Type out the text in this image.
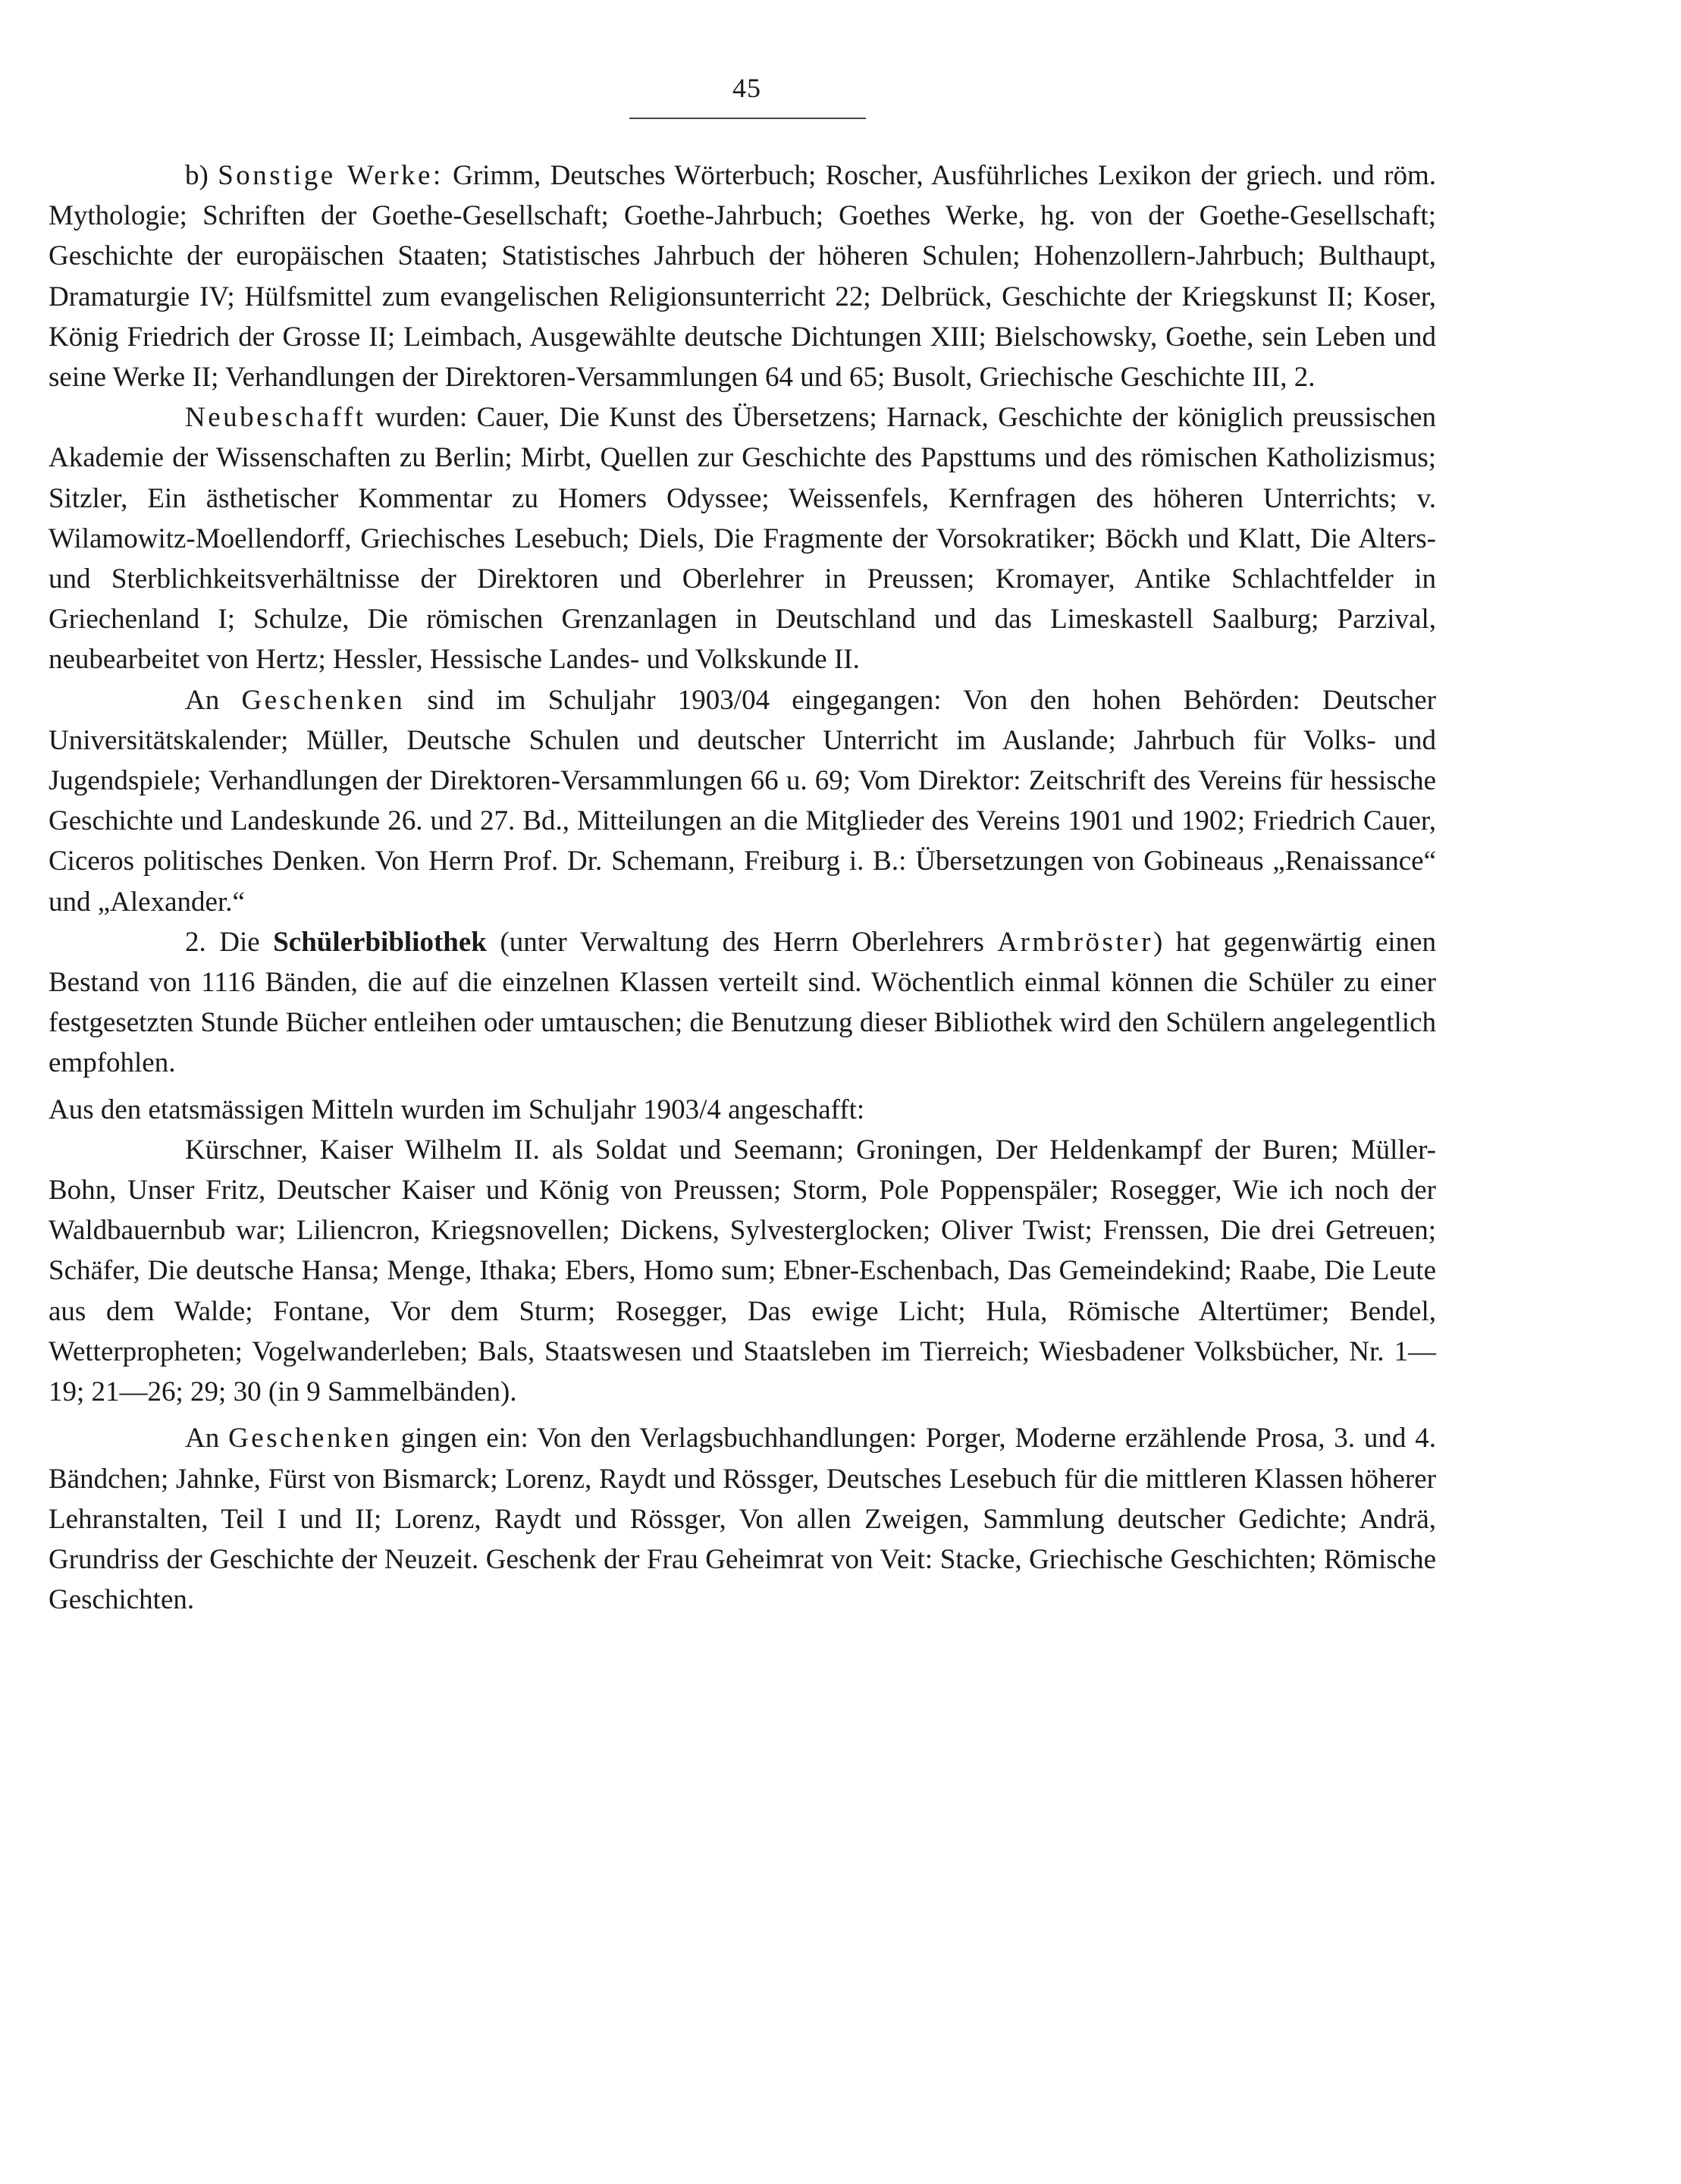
45

b) Sonstige Werke: Grimm, Deutsches Wörterbuch; Roscher, Ausführliches Lexikon der griech. und röm. Mythologie; Schriften der Goethe-Gesellschaft; Goethe-Jahrbuch; Goethes Werke, hg. von der Goethe-Gesellschaft; Geschichte der europäischen Staaten; Statistisches Jahrbuch der höheren Schulen; Hohenzollern-Jahrbuch; Bulthaupt, Dramaturgie IV; Hülfsmittel zum evangelischen Religionsunterricht 22; Delbrück, Geschichte der Kriegskunst II; Koser, König Friedrich der Grosse II; Leimbach, Ausgewählte deutsche Dichtungen XIII; Bielschowsky, Goethe, sein Leben und seine Werke II; Verhandlungen der Direktoren-Versammlungen 64 und 65; Busolt, Griechische Geschichte III, 2.

Neubeschafft wurden: Cauer, Die Kunst des Übersetzens; Harnack, Geschichte der königlich preussischen Akademie der Wissenschaften zu Berlin; Mirbt, Quellen zur Geschichte des Papsttums und des römischen Katholizismus; Sitzler, Ein ästhetischer Kommentar zu Homers Odyssee; Weissenfels, Kernfragen des höheren Unterrichts; v. Wilamowitz-Moellendorff, Griechisches Lesebuch; Diels, Die Fragmente der Vorsokratiker; Böckh und Klatt, Die Alters- und Sterblichkeitsverhältnisse der Direktoren und Oberlehrer in Preussen; Kromayer, Antike Schlachtfelder in Griechenland I; Schulze, Die römischen Grenzanlagen in Deutschland und das Limeskastell Saalburg; Parzival, neubearbeitet von Hertz; Hessler, Hessische Landes- und Volkskunde II.

An Geschenken sind im Schuljahr 1903/04 eingegangen: Von den hohen Behörden: Deutscher Universitätskalender; Müller, Deutsche Schulen und deutscher Unterricht im Auslande; Jahrbuch für Volks- und Jugendspiele; Verhandlungen der Direktoren-Versammlungen 66 u. 69; Vom Direktor: Zeitschrift des Vereins für hessische Geschichte und Landeskunde 26. und 27. Bd., Mitteilungen an die Mitglieder des Vereins 1901 und 1902; Friedrich Cauer, Ciceros politisches Denken. Von Herrn Prof. Dr. Schemann, Freiburg i. B.: Übersetzungen von Gobineaus „Renaissance“ und „Alexander.“

2. Die Schülerbibliothek (unter Verwaltung des Herrn Oberlehrers Armbröster) hat gegenwärtig einen Bestand von 1116 Bänden, die auf die einzelnen Klassen verteilt sind. Wöchentlich einmal können die Schüler zu einer festgesetzten Stunde Bücher entleihen oder umtauschen; die Benutzung dieser Bibliothek wird den Schülern angelegentlich empfohlen.

Aus den etatsmässigen Mitteln wurden im Schuljahr 1903/4 angeschafft:

Kürschner, Kaiser Wilhelm II. als Soldat und Seemann; Groningen, Der Heldenkampf der Buren; Müller-Bohn, Unser Fritz, Deutscher Kaiser und König von Preussen; Storm, Pole Poppenspäler; Rosegger, Wie ich noch der Waldbauernbub war; Liliencron, Kriegsnovellen; Dickens, Sylvesterglocken; Oliver Twist; Frenssen, Die drei Getreuen; Schäfer, Die deutsche Hansa; Menge, Ithaka; Ebers, Homo sum; Ebner-Eschenbach, Das Gemeindekind; Raabe, Die Leute aus dem Walde; Fontane, Vor dem Sturm; Rosegger, Das ewige Licht; Hula, Römische Altertümer; Bendel, Wetterpropheten; Vogelwanderleben; Bals, Staatswesen und Staatsleben im Tierreich; Wiesbadener Volksbücher, Nr. 1—19; 21—26; 29; 30 (in 9 Sammelbänden).

An Geschenken gingen ein: Von den Verlagsbuchhandlungen: Porger, Moderne erzählende Prosa, 3. und 4. Bändchen; Jahnke, Fürst von Bismarck; Lorenz, Raydt und Rössger, Deutsches Lesebuch für die mittleren Klassen höherer Lehranstalten, Teil I und II; Lorenz, Raydt und Rössger, Von allen Zweigen, Sammlung deutscher Gedichte; Andrä, Grundriss der Geschichte der Neuzeit. Geschenk der Frau Geheimrat von Veit: Stacke, Griechische Geschichten; Römische Geschichten.
